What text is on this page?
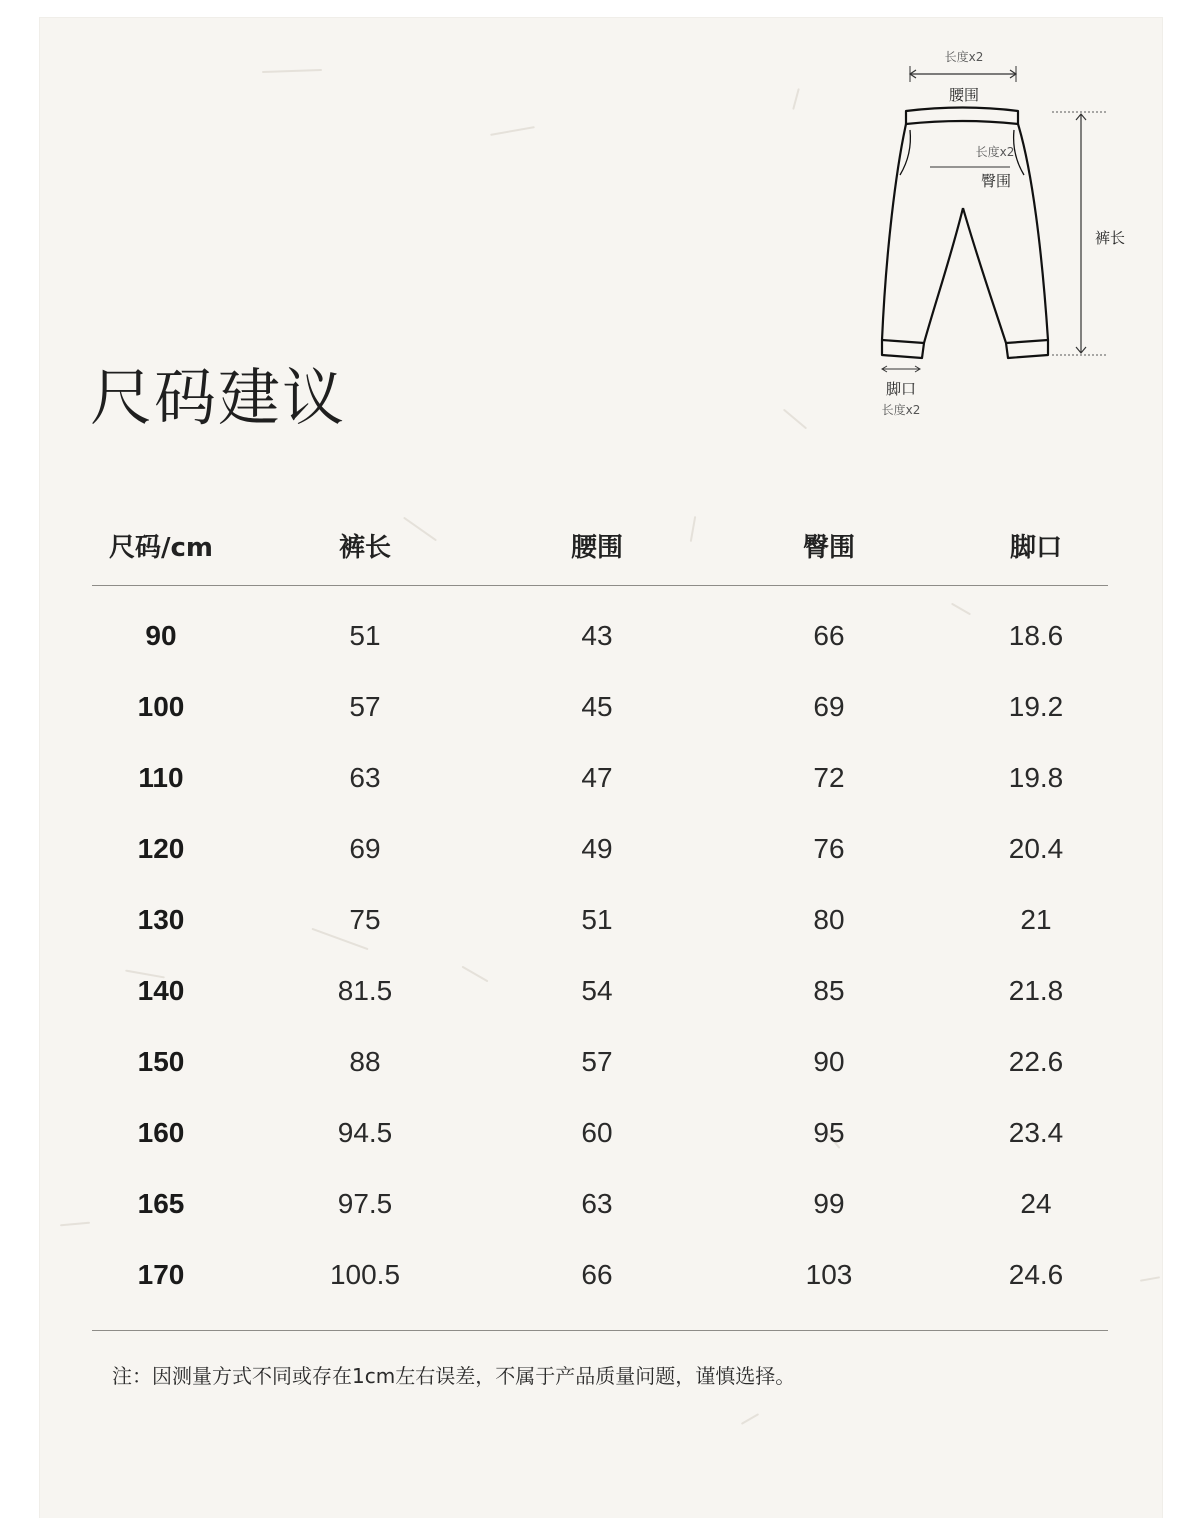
长度x2
腰围
长度x2
臀围
裤长
脚口
长度x2
尺码建议
尺码/cm	裤长	腰围	臀围	脚口
90	51	43	66	18.6
100	57	45	69	19.2
110	63	47	72	19.8
120	69	49	76	20.4
130	75	51	80	21
140	81.5	54	85	21.8
150	88	57	90	22.6
160	94.5	60	95	23.4
165	97.5	63	99	24
170	100.5	66	103	24.6

注：因测量方式不同或存在1cm左右误差，不属于产品质量问题，谨慎选择。
